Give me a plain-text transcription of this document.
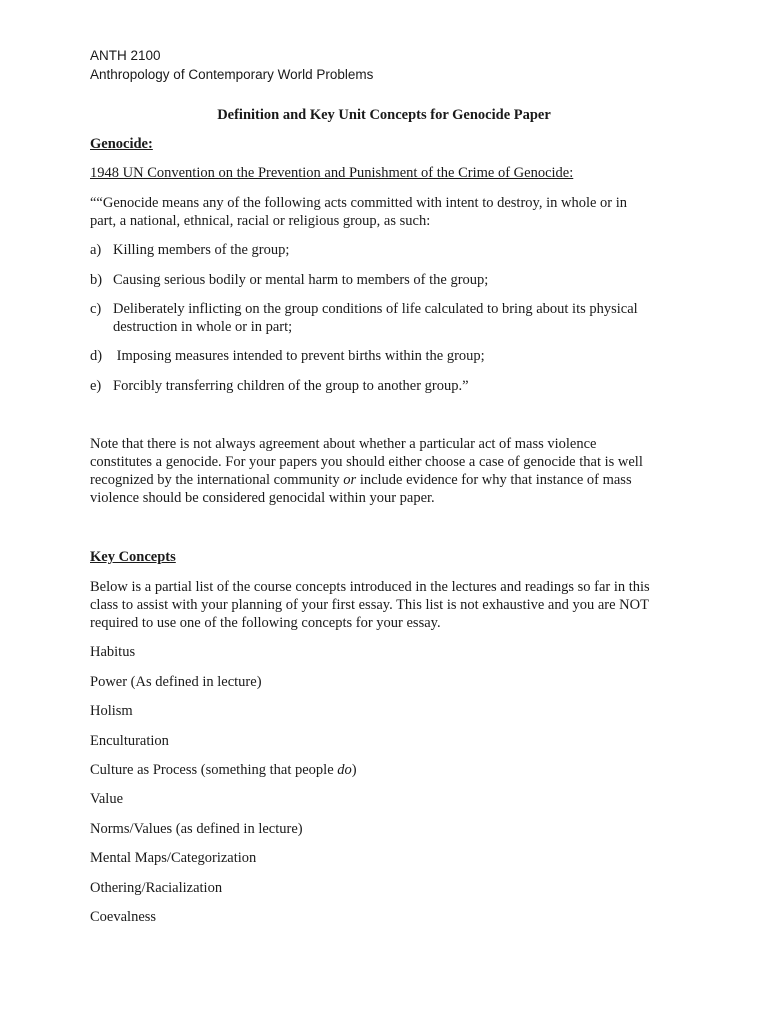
ANTH 2100
Anthropology of Contemporary World Problems
Definition and Key Unit Concepts for Genocide Paper
Genocide:
1948 UN Convention on the Prevention and Punishment of the Crime of Genocide:
““Genocide means any of the following acts committed with intent to destroy, in whole or in
part, a national, ethnical, racial or religious group, as such:
a) Killing members of the group;
b) Causing serious bodily or mental harm to members of the group;
c) Deliberately inflicting on the group conditions of life calculated to bring about its physical
destruction in whole or in part;
d) Imposing measures intended to prevent births within the group;
e) Forcibly transferring children of the group to another group.”
Note that there is not always agreement about whether a particular act of mass violence
constitutes a genocide. For your papers you should either choose a case of genocide that is well
recognized by the international community or include evidence for why that instance of mass
violence should be considered genocidal within your paper.
Key Concepts
Below is a partial list of the course concepts introduced in the lectures and readings so far in this
class to assist with your planning of your first essay. This list is not exhaustive and you are NOT
required to use one of the following concepts for your essay.
Habitus
Power (As defined in lecture)
Holism
Enculturation
Culture as Process (something that people do)
Value
Norms/Values (as defined in lecture)
Mental Maps/Categorization
Othering/Racialization
Coevalness
